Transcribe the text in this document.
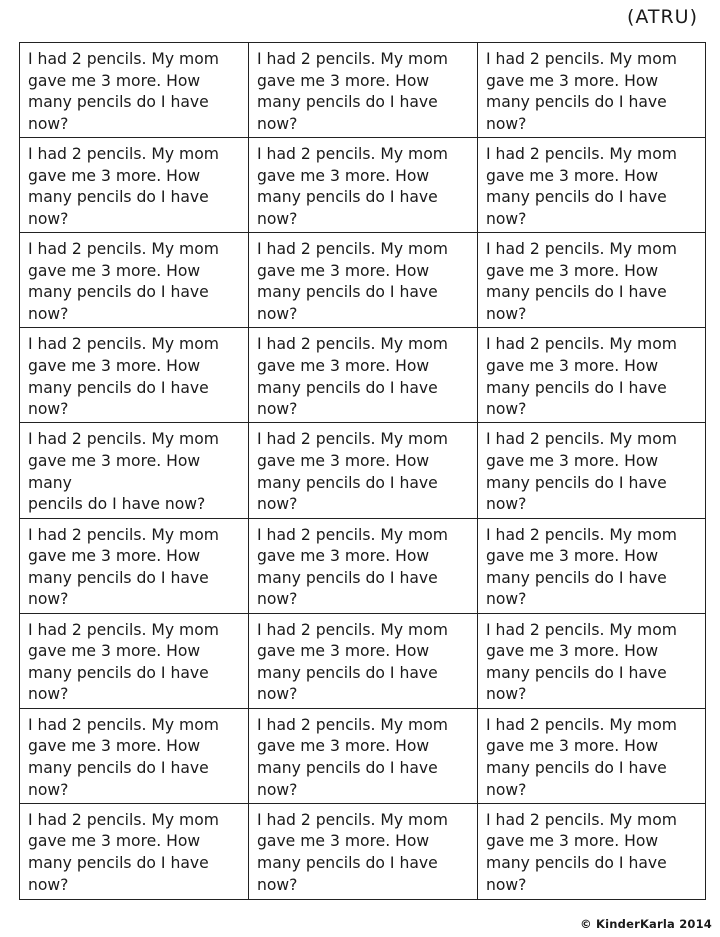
(ATRU)
I had 2 pencils. My mom
gave me 3 more. How
many pencils do I have
now?
I had 2 pencils. My mom
gave me 3 more. How
many pencils do I have
now?
I had 2 pencils. My mom
gave me 3 more. How
many pencils do I have
now?
I had 2 pencils. My mom
gave me 3 more. How
many pencils do I have
now?
I had 2 pencils. My mom
gave me 3 more. How
many pencils do I have
now?
I had 2 pencils. My mom
gave me 3 more. How
many pencils do I have
now?
I had 2 pencils. My mom
gave me 3 more. How
many pencils do I have
now?
I had 2 pencils. My mom
gave me 3 more. How
many pencils do I have
now?
I had 2 pencils. My mom
gave me 3 more. How
many pencils do I have
now?
I had 2 pencils. My mom
gave me 3 more. How
many pencils do I have
now?
I had 2 pencils. My mom
gave me 3 more. How
many pencils do I have
now?
I had 2 pencils. My mom
gave me 3 more. How
many pencils do I have
now?
I had 2 pencils. My mom
gave me 3 more. How
many
pencils do I have now?
I had 2 pencils. My mom
gave me 3 more. How
many pencils do I have
now?
I had 2 pencils. My mom
gave me 3 more. How
many pencils do I have
now?
I had 2 pencils. My mom
gave me 3 more. How
many pencils do I have
now?
I had 2 pencils. My mom
gave me 3 more. How
many pencils do I have
now?
I had 2 pencils. My mom
gave me 3 more. How
many pencils do I have
now?
I had 2 pencils. My mom
gave me 3 more. How
many pencils do I have
now?
I had 2 pencils. My mom
gave me 3 more. How
many pencils do I have
now?
I had 2 pencils. My mom
gave me 3 more. How
many pencils do I have
now?
I had 2 pencils. My mom
gave me 3 more. How
many pencils do I have
now?
I had 2 pencils. My mom
gave me 3 more. How
many pencils do I have
now?
I had 2 pencils. My mom
gave me 3 more. How
many pencils do I have
now?
I had 2 pencils. My mom
gave me 3 more. How
many pencils do I have
now?
I had 2 pencils. My mom
gave me 3 more. How
many pencils do I have
now?
I had 2 pencils. My mom
gave me 3 more. How
many pencils do I have
now?
© KinderKarla 2014
